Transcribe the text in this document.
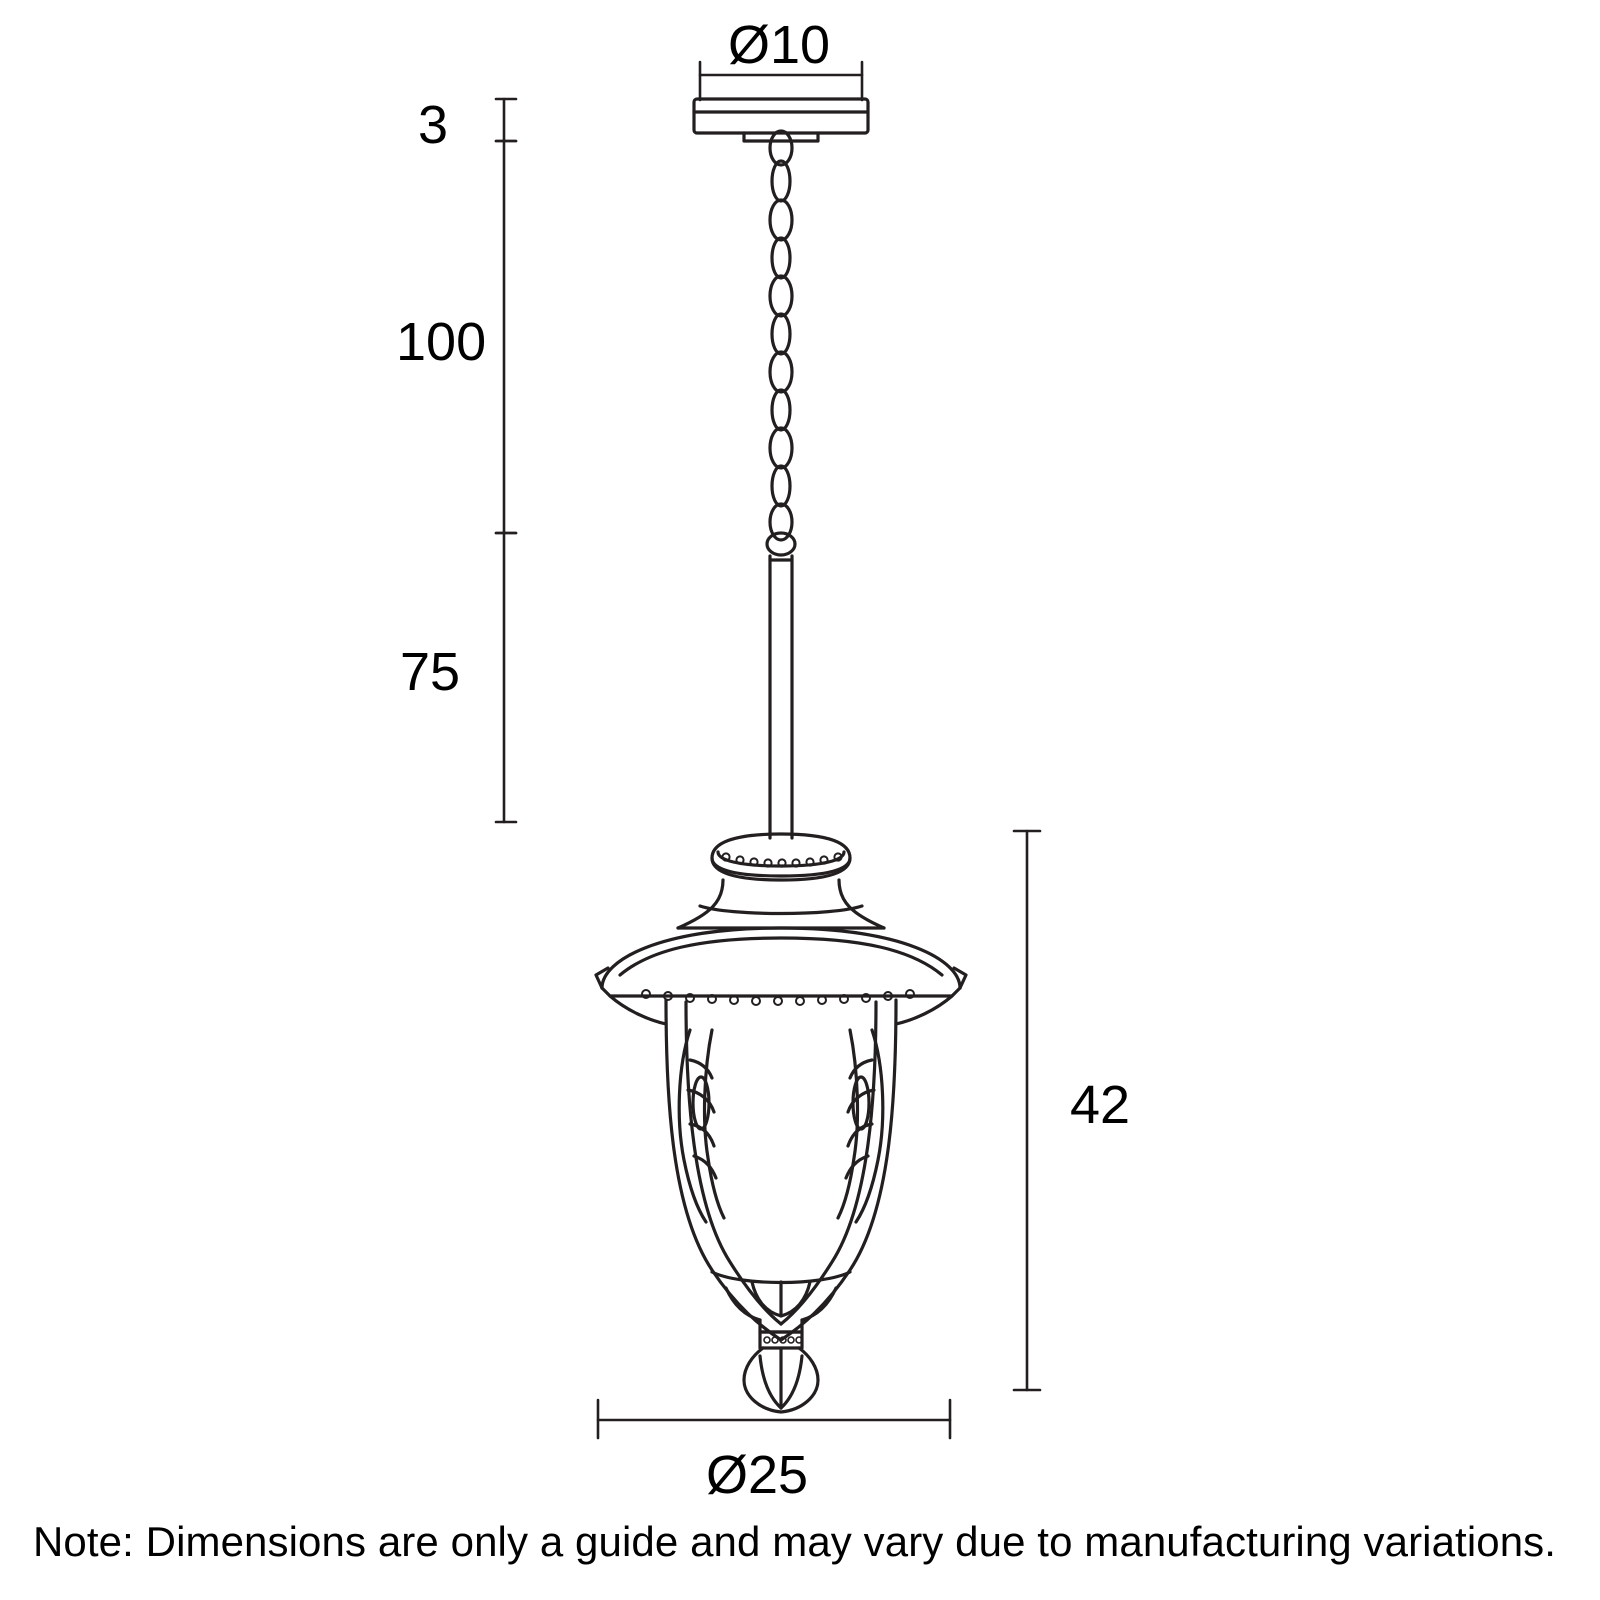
Ø10
3
100
75
42
Ø25
Note: Dimensions are only a guide and may vary due to manufacturing variations.
